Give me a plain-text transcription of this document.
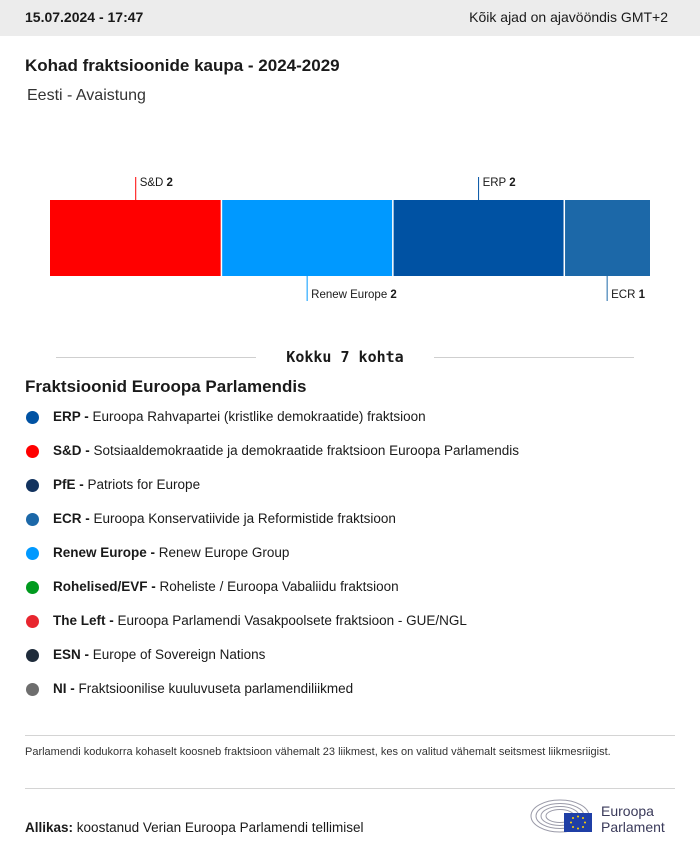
15.07.2024 - 17:47	Kõik ajad on ajavööndis GMT+2
Kohad fraktsioonide kaupa - 2024-2029
Eesti - Avaistung
S&D 2
Renew Europe 2
ERP 2
ECR 1
Kokku 7 kohta
Fraktsioonid Euroopa Parlamendis
ERP - Euroopa Rahvapartei (kristlike demokraatide) fraktsioon
S&D - Sotsiaaldemokraatide ja demokraatide fraktsioon Euroopa Parlamendis
PfE - Patriots for Europe
ECR - Euroopa Konservatiivide ja Reformistide fraktsioon
Renew Europe - Renew Europe Group
Rohelised/EVF - Roheliste / Euroopa Vabaliidu fraktsioon
The Left - Euroopa Parlamendi Vasakpoolsete fraktsioon - GUE/NGL
ESN - Europe of Sovereign Nations
NI - Fraktsioonilise kuuluvuseta parlamendiliikmed
Parlamendi kodukorra kohaselt koosneb fraktsioon vähemalt 23 liikmest, kes on valitud vähemalt seitsmest liikmesriigist.
Allikas: koostanud Verian Euroopa Parlamendi tellimisel
Euroopa
Parlament
